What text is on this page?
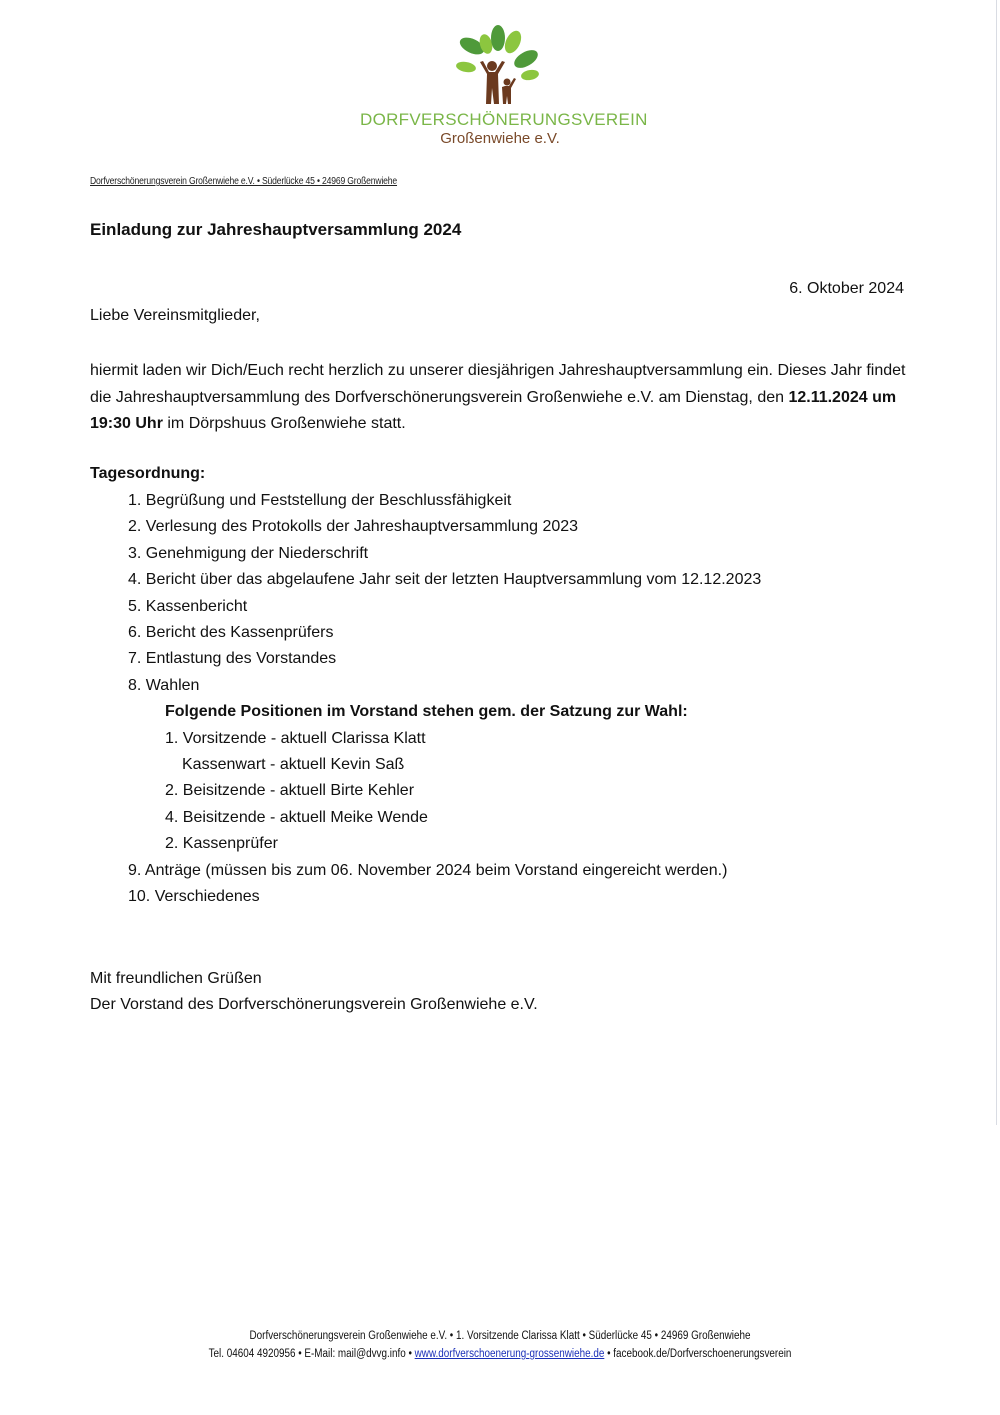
DORFVERSCHÖNERUNGSVEREIN
Großenwiehe e.V.
Dorfverschönerungsverein Großenwiehe e.V. • Süderlücke 45 • 24969 Großenwiehe
Einladung zur Jahreshauptversammlung 2024
6. Oktober 2024
Liebe Vereinsmitglieder,

hiermit laden wir Dich/Euch recht herzlich zu unserer diesjährigen Jahreshauptversammlung ein. Dieses Jahr findet die Jahreshauptversammlung des Dorfverschönerungsverein Großenwiehe e.V. am Dienstag, den 12.11.2024 um 19:30 Uhr im Dörpshuus Großenwiehe statt.

Tagesordnung:
1. Begrüßung und Feststellung der Beschlussfähigkeit
2. Verlesung des Protokolls der Jahreshauptversammlung 2023
3. Genehmigung der Niederschrift
4. Bericht über das abgelaufene Jahr seit der letzten Hauptversammlung vom 12.12.2023
5. Kassenbericht
6. Bericht des Kassenprüfers
7. Entlastung des Vorstandes
8. Wahlen
Folgende Positionen im Vorstand stehen gem. der Satzung zur Wahl:
1. Vorsitzende - aktuell Clarissa Klatt
Kassenwart - aktuell Kevin Saß
2. Beisitzende - aktuell Birte Kehler
4. Beisitzende - aktuell Meike Wende
2. Kassenprüfer
9. Anträge (müssen bis zum 06. November 2024 beim Vorstand eingereicht werden.)
10. Verschiedenes
Mit freundlichen Grüßen
Der Vorstand des Dorfverschönerungsverein Großenwiehe e.V.
Dorfverschönerungsverein Großenwiehe e.V. • 1. Vorsitzende Clarissa Klatt • Süderlücke 45 • 24969 Großenwiehe
Tel. 04604 4920956 • E-Mail: mail@dvvg.info • www.dorfverschoenerung-grossenwiehe.de • facebook.de/Dorfverschoenerungsverein
